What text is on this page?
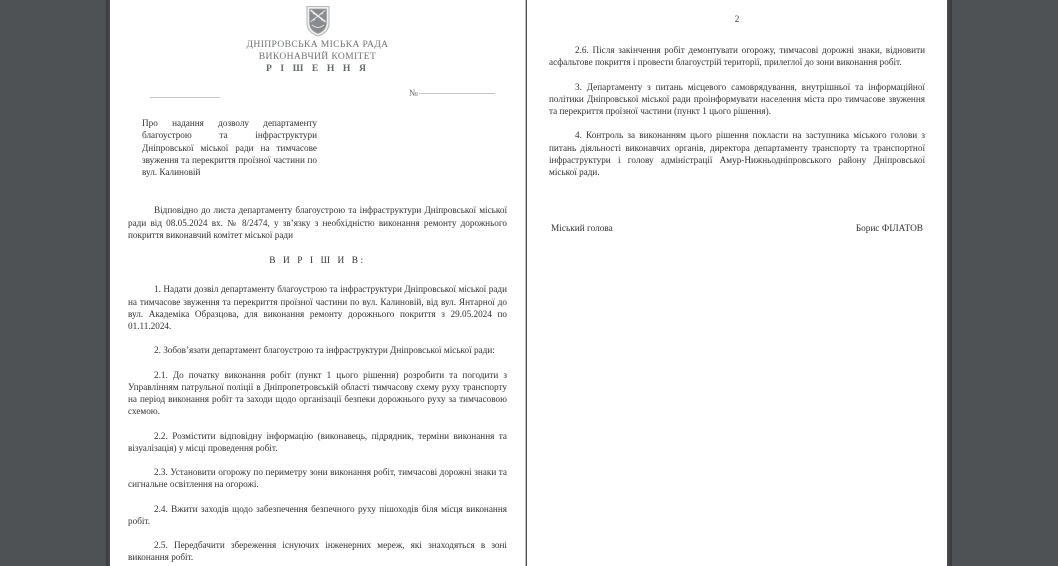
ДНІПРОВСЬКА МІСЬКА РАДА
ВИКОНАВЧИЙ КОМІТЕТ
Р І Ш Е Н Н Я
№

Про надання дозволу департаменту благоустрою та інфраструктури Дніпровської міської ради на тимчасове звуження та перекриття проїзної частини по вул. Калиновій

Відповідно до листа департаменту благоустрою та інфраструктури Дніпровської міської ради від 08.05.2024 вх. № 8/2474, у зв’язку з необхідністю виконання ремонту дорожнього покриття виконавчий комітет міської ради

В И Р І Ш И В:

1. Надати дозвіл департаменту благоустрою та інфраструктури Дніпровської міської ради на тимчасове звуження та перекриття проїзної частини по вул. Калиновій, від вул. Янтарної до вул. Академіка Образцова, для виконання ремонту дорожнього покриття з 29.05.2024 по 01.11.2024.

2. Зобов’язати департамент благоустрою та інфраструктури Дніпровської міської ради:

2.1. До початку виконання робіт (пункт 1 цього рішення) розробити та погодити з Управлінням патрульної поліції в Дніпропетровській області тимчасову схему руху транспорту на період виконання робіт та заходи щодо організації безпеки дорожнього руху за тимчасовою схемою.

2.2. Розмістити відповідну інформацію (виконавець, підрядник, терміни виконання та візуалізація) у місці проведення робіт.

2.3. Установити огорожу по периметру зони виконання робіт, тимчасові дорожні знаки та сигнальне освітлення на огорожі.

2.4. Вжити заходів щодо забезпечення безпечного руху пішоходів біля місця виконання робіт.

2.5. Передбачити збереження існуючих інженерних мереж, які знаходяться в зоні виконання робіт.

2

2.6. Після закінчення робіт демонтувати огорожу, тимчасові дорожні знаки, відновити асфальтове покриття і провести благоустрій території, прилеглої до зони виконання робіт.

3. Департаменту з питань місцевого самоврядування, внутрішньої та інформаційної політики Дніпровської міської ради проінформувати населення міста про тимчасове звуження та перекриття проїзної частини (пункт 1 цього рішення).

4. Контроль за виконанням цього рішення покласти на заступника міського голови з питань діяльності виконавчих органів, директора департаменту транспорту та транспортної інфраструктури і голову адміністрації Амур-Нижньодніпровського району Дніпровської міської ради.

Міський голова	Борис ФІЛАТОВ
